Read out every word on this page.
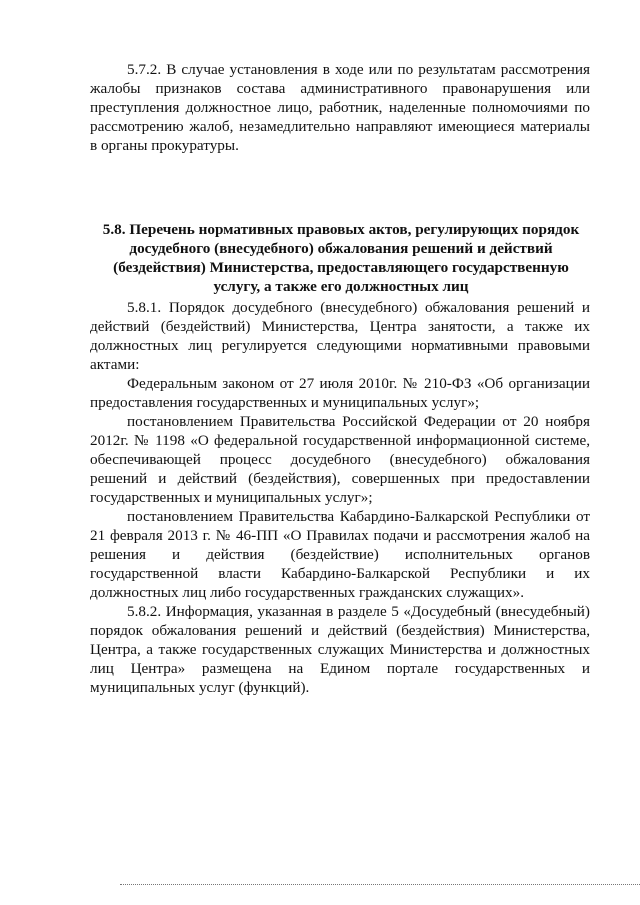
5.7.2. В случае установления в ходе или по результатам рассмотрения жалобы признаков состава административного правонарушения или преступления должностное лицо, работник, наделенные полномочиями по рассмотрению жалоб, незамедлительно направляют имеющиеся материалы в органы прокуратуры.

5.8. Перечень нормативных правовых актов, регулирующих порядок досудебного (внесудебного) обжалования решений и действий (бездействия) Министерства, предоставляющего государственную услугу, а также его должностных лиц

5.8.1. Порядок досудебного (внесудебного) обжалования решений и действий (бездействий) Министерства, Центра занятости, а также их должностных лиц регулируется следующими нормативными правовыми актами:

Федеральным законом от 27 июля 2010г. № 210-ФЗ «Об организации предоставления государственных и муниципальных услуг»;

постановлением Правительства Российской Федерации от 20 ноября 2012г. № 1198 «О федеральной государственной информационной системе, обеспечивающей процесс досудебного (внесудебного) обжалования решений и действий (бездействия), совершенных при предоставлении государственных и муниципальных услуг»;

постановлением Правительства Кабардино-Балкарской Республики от 21 февраля 2013 г. № 46-ПП «О Правилах подачи и рассмотрения жалоб на решения и действия (бездействие) исполнительных органов государственной власти Кабардино-Балкарской Республики и их должностных лиц либо государственных гражданских служащих».

5.8.2. Информация, указанная в разделе 5 «Досудебный (внесудебный) порядок обжалования решений и действий (бездействия) Министерства, Центра, а также государственных служащих Министерства и должностных лиц Центра» размещена на Едином портале государственных и муниципальных услуг (функций).
